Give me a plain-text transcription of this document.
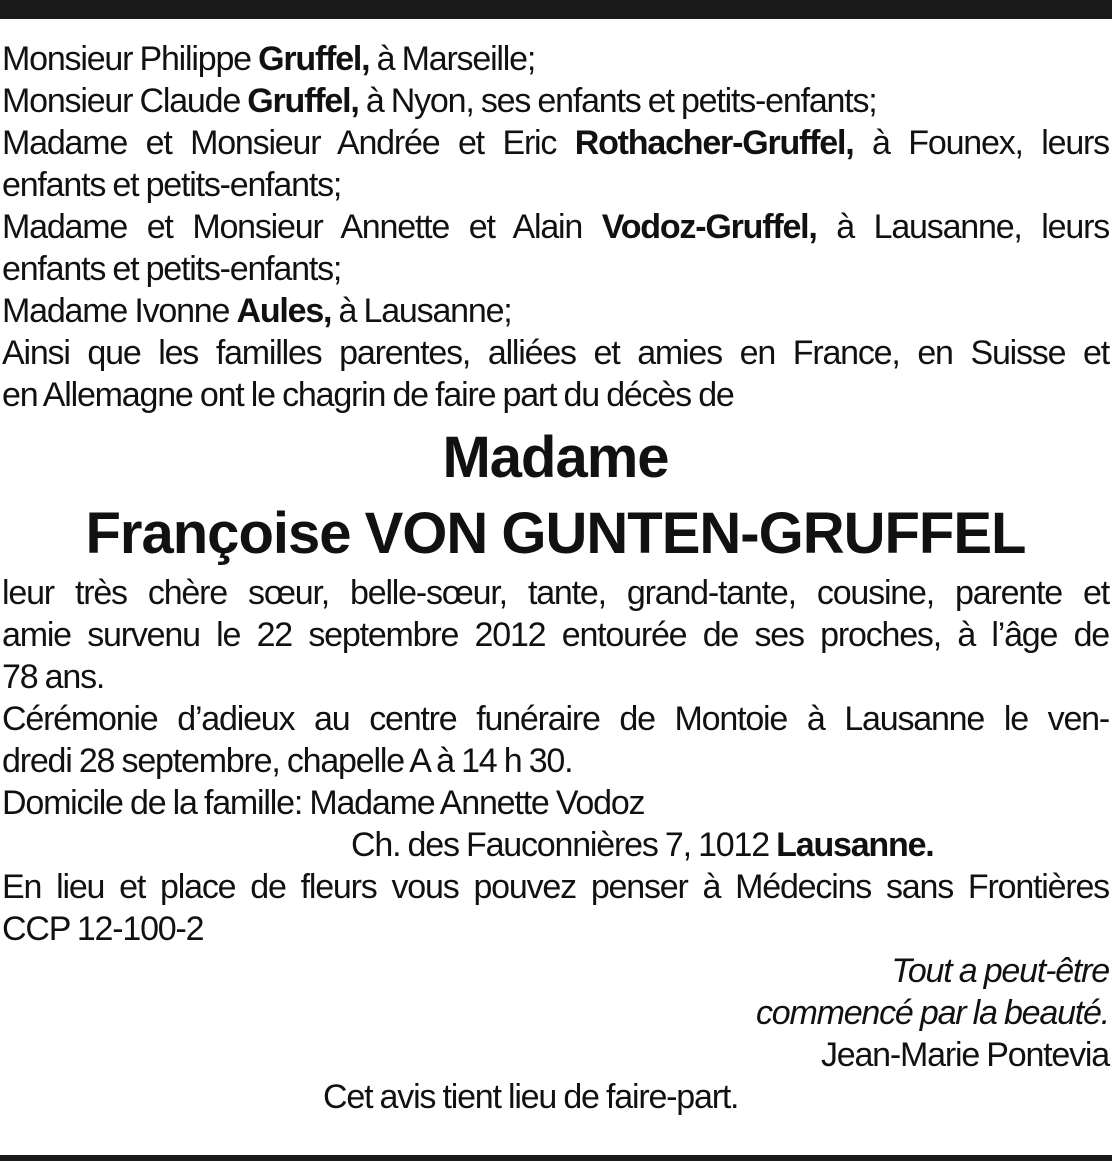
Monsieur Philippe Gruffel, à Marseille;
Monsieur Claude Gruffel, à Nyon, ses enfants et petits-enfants;
Madame et Monsieur Andrée et Eric Rothacher-Gruffel, à Founex, leurs
enfants et petits-enfants;
Madame et Monsieur Annette et Alain Vodoz-Gruffel, à Lausanne, leurs
enfants et petits-enfants;
Madame Ivonne Aules, à Lausanne;
Ainsi que les familles parentes, alliées et amies en France, en Suisse et
en Allemagne ont le chagrin de faire part du décès de
Madame
Françoise VON GUNTEN-GRUFFEL
leur très chère sœur, belle-sœur, tante, grand-tante, cousine, parente et
amie survenu le 22 septembre 2012 entourée de ses proches, à l’âge de
78 ans.
Cérémonie d’adieux au centre funéraire de Montoie à Lausanne le ven-
dredi 28 septembre, chapelle A à 14 h 30.
Domicile de la famille: Madame Annette Vodoz
Ch. des Fauconnières 7, 1012 Lausanne.
En lieu et place de fleurs vous pouvez penser à Médecins sans Frontières
CCP 12-100-2
Tout a peut-être
commencé par la beauté.
Jean-Marie Pontevia
Cet avis tient lieu de faire-part.
